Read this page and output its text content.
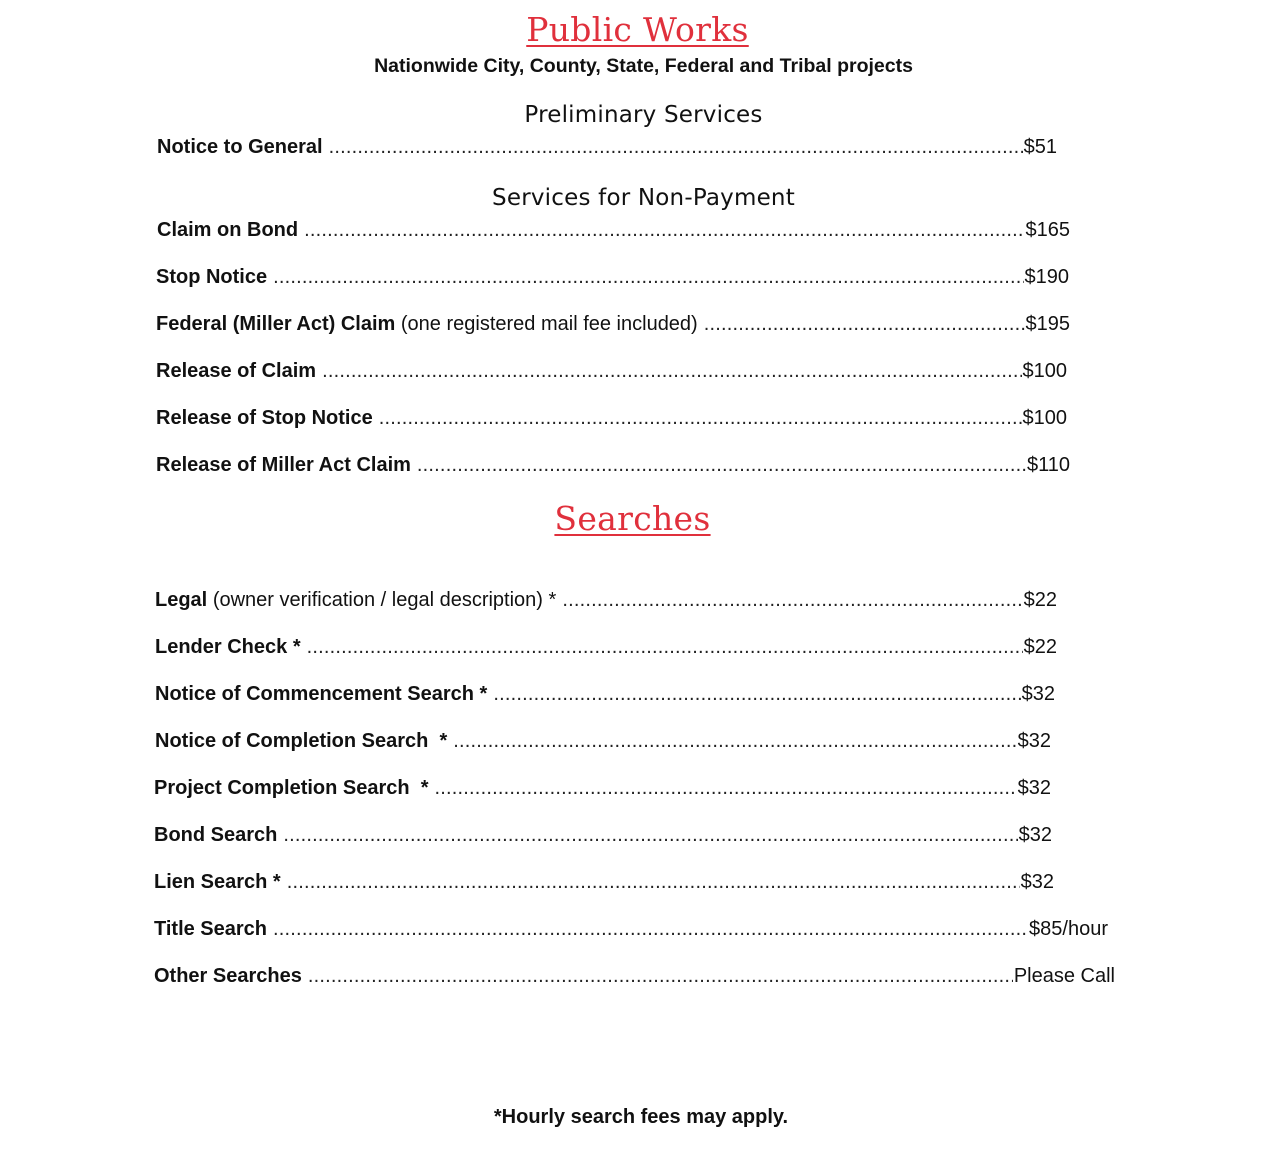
Public Works

Nationwide City, County, State, Federal and Tribal projects

Preliminary Services
Notice to General .....	$51
Services for Non-Payment
Claim on Bond .....	$165
Stop Notice .....	$190
Federal (Miller Act) Claim (one registered mail fee included) .....	$195
Release of Claim .....	$100
Release of Stop Notice .....	$100
Release of Miller Act Claim .....	$110
Searches
Legal (owner verification / legal description) * .....	$22
Lender Check * .....	$22
Notice of Commencement Search * .....	$32
Notice of Completion Search  * .....	$32
Project Completion Search  * .....	$32
Bond Search .....	$32
Lien Search * .....	$32
Title Search .....	$85/hour
Other Searches .....	Please Call

*Hourly search fees may apply.
